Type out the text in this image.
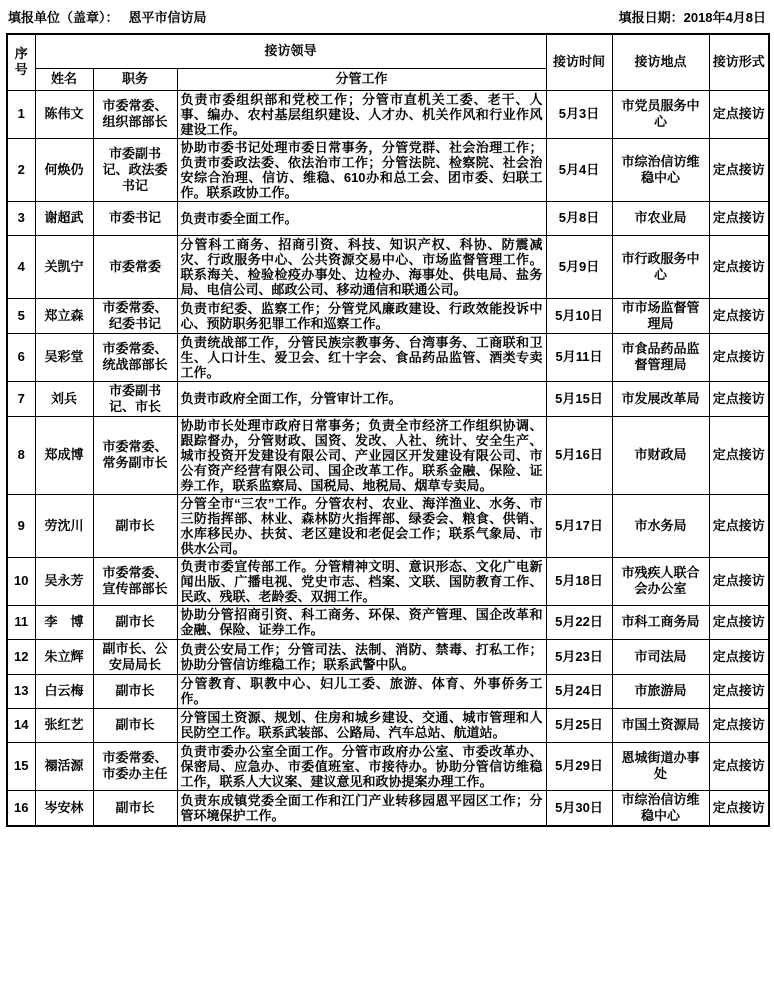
填报单位（盖章）： 恩平市信访局	填报日期：2018年4月8日
序号	接访领导			接访时间	接访地点	接访形式
	姓名	职务	分管工作			
1	陈伟文	市委常委、组织部部长	负责市委组织部和党校工作；分管市直机关工委、老干、人事、编办、农村基层组织建设、人才办、机关作风和行业作风建设工作。	5月3日	市党员服务中心	定点接访
2	何焕仍	市委副书记、政法委书记	协助市委书记处理市委日常事务，分管党群、社会治理工作；负责市委政法委、依法治市工作；分管法院、检察院、社会治安综合治理、信访、维稳、610办和总工会、团市委、妇联工作。联系政协工作。	5月4日	市综治信访维稳中心	定点接访
3	谢超武	市委书记	负责市委全面工作。	5月8日	市农业局	定点接访
4	关凯宁	市委常委	分管科工商务、招商引资、科技、知识产权、科协、防震减灾、行政服务中心、公共资源交易中心、市场监督管理工作。联系海关、检验检疫办事处、边检办、海事处、供电局、盐务局、电信公司、邮政公司、移动通信和联通公司。	5月9日	市行政服务中心	定点接访
5	郑立森	市委常委、纪委书记	负责市纪委、监察工作；分管党风廉政建设、行政效能投诉中心、预防职务犯罪工作和巡察工作。	5月10日	市市场监督管理局	定点接访
6	吴彩堂	市委常委、统战部部长	负责统战部工作，分管民族宗教事务、台湾事务、工商联和卫生、人口计生、爱卫会、红十字会、食品药品监管、酒类专卖工作。	5月11日	市食品药品监督管理局	定点接访
7	刘兵	市委副书记、市长	负责市政府全面工作，分管审计工作。	5月15日	市发展改革局	定点接访
8	郑成博	市委常委、常务副市长	协助市长处理市政府日常事务；负责全市经济工作组织协调、跟踪督办，分管财政、国资、发改、人社、统计、安全生产、城市投资开发建设有限公司、产业园区开发建设有限公司、市公有资产经营有限公司、国企改革工作。联系金融、保险、证券工作，联系监察局、国税局、地税局、烟草专卖局。	5月16日	市财政局	定点接访
9	劳沈川	副市长	分管全市“三农”工作。分管农村、农业、海洋渔业、水务、市三防指挥部、林业、森林防火指挥部、绿委会、粮食、供销、水库移民办、扶贫、老区建设和老促会工作；联系气象局、市供水公司。	5月17日	市水务局	定点接访
10	吴永芳	市委常委、宣传部部长	负责市委宣传部工作。分管精神文明、意识形态、文化广电新闻出版、广播电视、党史市志、档案、文联、国防教育工作、民政、残联、老龄委、双拥工作。	5月18日	市残疾人联合会办公室	定点接访
11	李　博	副市长	协助分管招商引资、科工商务、环保、资产管理、国企改革和金融、保险、证券工作。	5月22日	市科工商务局	定点接访
12	朱立辉	副市长、公安局局长	负责公安局工作；分管司法、法制、消防、禁毒、打私工作；协助分管信访维稳工作；联系武警中队。	5月23日	市司法局	定点接访
13	白云梅	副市长	分管教育、职教中心、妇儿工委、旅游、体育、外事侨务工作。	5月24日	市旅游局	定点接访
14	张红艺	副市长	分管国土资源、规划、住房和城乡建设、交通、城市管理和人民防空工作。联系武装部、公路局、汽车总站、航道站。	5月25日	市国土资源局	定点接访
15	禤活源	市委常委、市委办主任	负责市委办公室全面工作。分管市政府办公室、市委改革办、保密局、应急办、市委值班室、市接待办。协助分管信访维稳工作，联系人大议案、建议意见和政协提案办理工作。	5月29日	恩城街道办事处	定点接访
16	岑安林	副市长	负责东成镇党委全面工作和江门产业转移园恩平园区工作；分管环境保护工作。	5月30日	市综治信访维稳中心	定点接访
